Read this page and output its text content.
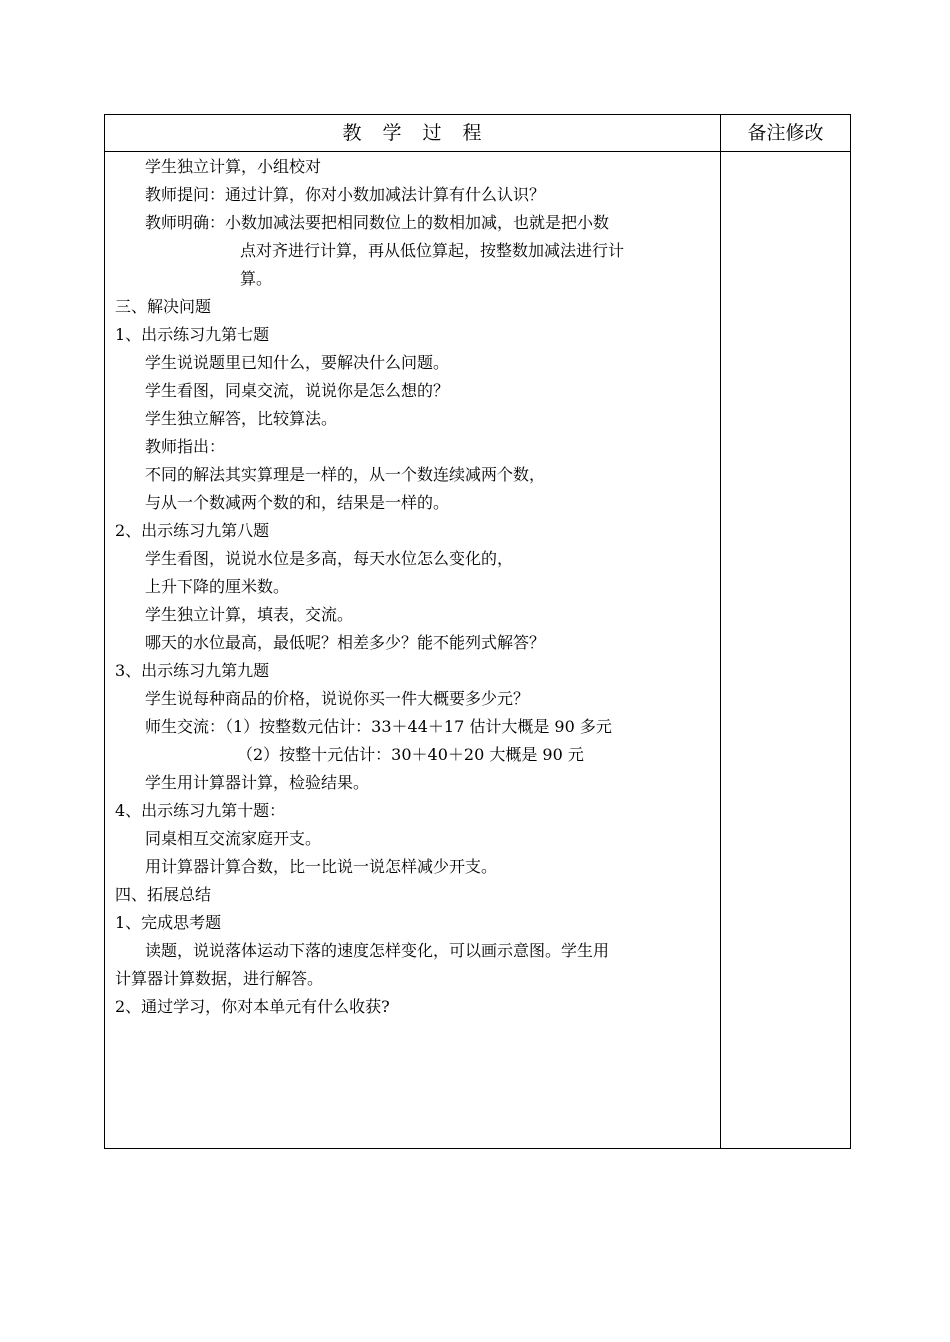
教　学　过　程	备注修改
学生独立计算，小组校对
教师提问：通过计算，你对小数加减法计算有什么认识？
教师明确：小数加减法要把相同数位上的数相加减，也就是把小数
点对齐进行计算，再从低位算起，按整数加减法进行计
算。
三、解决问题
1、出示练习九第七题
学生说说题里已知什么，要解决什么问题。
学生看图，同桌交流，说说你是怎么想的？
学生独立解答，比较算法。
教师指出：
不同的解法其实算理是一样的，从一个数连续减两个数，
与从一个数减两个数的和，结果是一样的。
2、出示练习九第八题
学生看图，说说水位是多高，每天水位怎么变化的，
上升下降的厘米数。
学生独立计算，填表，交流。
哪天的水位最高，最低呢？相差多少？能不能列式解答？
3、出示练习九第九题
学生说每种商品的价格，说说你买一件大概要多少元？
师生交流：（1）按整数元估计：33＋44＋17 估计大概是 90 多元
（2）按整十元估计：30＋40＋20 大概是 90 元
学生用计算器计算，检验结果。
4、出示练习九第十题：
同桌相互交流家庭开支。
用计算器计算合数，比一比说一说怎样减少开支。
四、拓展总结
1、完成思考题
读题，说说落体运动下落的速度怎样变化，可以画示意图。学生用
计算器计算数据，进行解答。
2、通过学习，你对本单元有什么收获?
